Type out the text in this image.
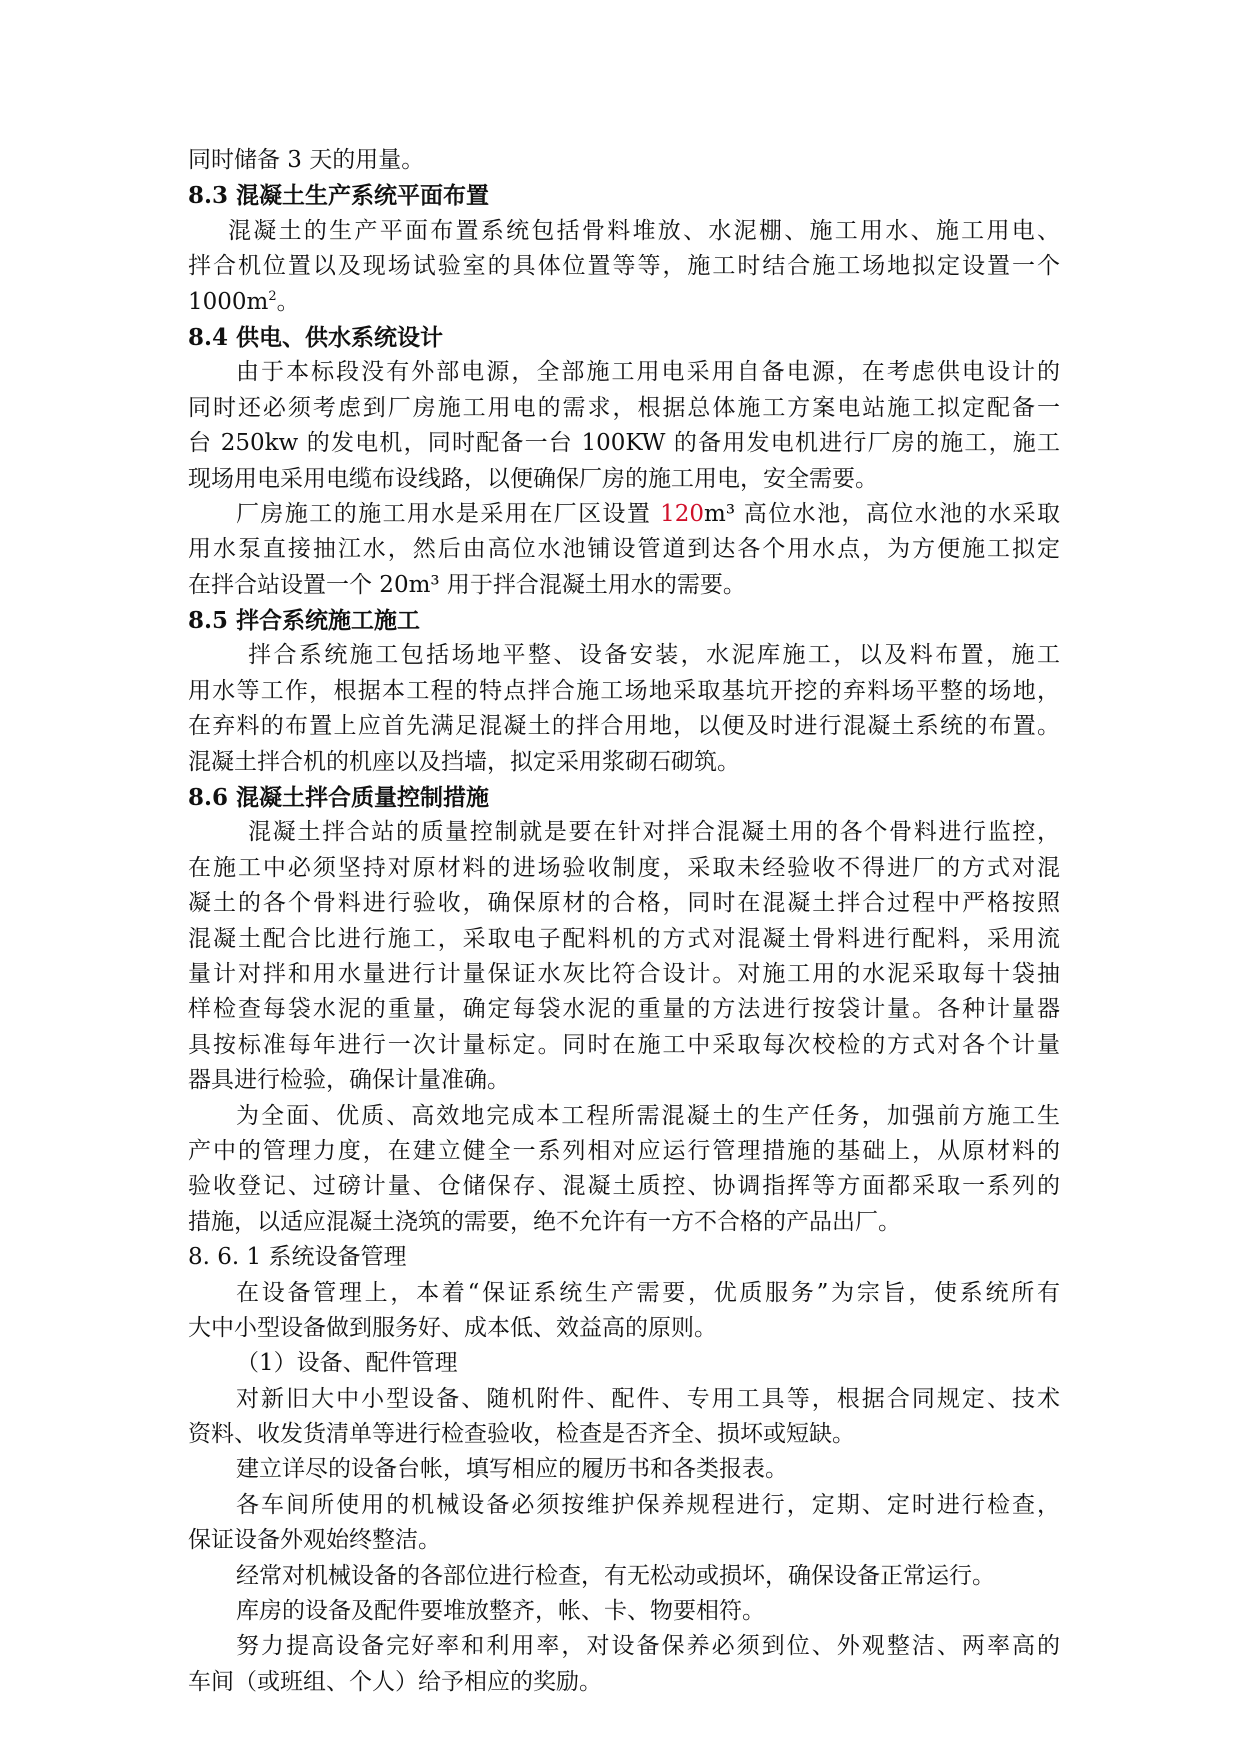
同时储备 3 天的用量。
8.3 混凝土生产系统平面布置
混凝土的生产平面布置系统包括骨料堆放、水泥棚、施工用水、施工用电、
拌合机位置以及现场试验室的具体位置等等，施工时结合施工场地拟定设置一个
$1000m^2$。
8.4 供电、供水系统设计
由于本标段没有外部电源，全部施工用电采用自备电源，在考虑供电设计的
同时还必须考虑到厂房施工用电的需求，根据总体施工方案电站施工拟定配备一
台 250kw 的发电机，同时配备一台 100KW 的备用发电机进行厂房的施工，施工
现场用电采用电缆布设线路，以便确保厂房的施工用电，安全需要。
厂房施工的施工用水是采用在厂区设置 120m³ 高位水池，高位水池的水采取
用水泵直接抽江水，然后由高位水池铺设管道到达各个用水点，为方便施工拟定
在拌合站设置一个 20m³ 用于拌合混凝土用水的需要。
8.5 拌合系统施工施工
拌合系统施工包括场地平整、设备安装，水泥库施工，以及料布置，施工
用水等工作，根据本工程的特点拌合施工场地采取基坑开挖的弃料场平整的场地，
在弃料的布置上应首先满足混凝土的拌合用地，以便及时进行混凝土系统的布置。
混凝土拌合机的机座以及挡墙，拟定采用浆砌石砌筑。
8.6 混凝土拌合质量控制措施
混凝土拌合站的质量控制就是要在针对拌合混凝土用的各个骨料进行监控，
在施工中必须坚持对原材料的进场验收制度，采取未经验收不得进厂的方式对混
凝土的各个骨料进行验收，确保原材的合格，同时在混凝土拌合过程中严格按照
混凝土配合比进行施工，采取电子配料机的方式对混凝土骨料进行配料，采用流
量计对拌和用水量进行计量保证水灰比符合设计。对施工用的水泥采取每十袋抽
样检查每袋水泥的重量，确定每袋水泥的重量的方法进行按袋计量。各种计量器
具按标准每年进行一次计量标定。同时在施工中采取每次校检的方式对各个计量
器具进行检验，确保计量准确。
为全面、优质、高效地完成本工程所需混凝土的生产任务，加强前方施工生
产中的管理力度，在建立健全一系列相对应运行管理措施的基础上，从原材料的
验收登记、过磅计量、仓储保存、混凝土质控、协调指挥等方面都采取一系列的
措施，以适应混凝土浇筑的需要，绝不允许有一方不合格的产品出厂。
8. 6. 1 系统设备管理
在设备管理上，本着“保证系统生产需要，优质服务”为宗旨，使系统所有
大中小型设备做到服务好、成本低、效益高的原则。
（1）设备、配件管理
对新旧大中小型设备、随机附件、配件、专用工具等，根据合同规定、技术
资料、收发货清单等进行检查验收，检查是否齐全、损坏或短缺。
建立详尽的设备台帐，填写相应的履历书和各类报表。
各车间所使用的机械设备必须按维护保养规程进行，定期、定时进行检查，
保证设备外观始终整洁。
经常对机械设备的各部位进行检查，有无松动或损坏，确保设备正常运行。
库房的设备及配件要堆放整齐，帐、卡、物要相符。
努力提高设备完好率和利用率，对设备保养必须到位、外观整洁、两率高的
车间（或班组、个人）给予相应的奖励。
